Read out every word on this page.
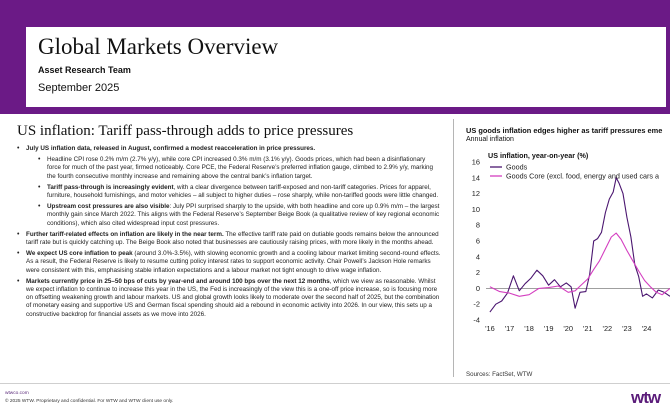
Global Markets Overview
Asset Research Team
September 2025
US inflation: Tariff pass-through adds to price pressures
• July US inflation data, released in August, confirmed a modest reacceleration in price pressures.
• Headline CPI rose 0.2% m/m (2.7% y/y), while core CPI increased 0.3% m/m (3.1% y/y). Goods prices, which had been a disinflationary force for much of the past year, firmed noticeably. Core PCE, the Federal Reserve’s preferred inflation gauge, climbed to 2.9% y/y, marking the fourth consecutive monthly increase and remaining above the central bank’s inflation target.
• Tariff pass-through is increasingly evident, with a clear divergence between tariff-exposed and non-tariff categories. Prices for apparel, furniture, household furnishings, and motor vehicles – all subject to higher duties – rose sharply, while non-tariffed goods were little changed.
• Upstream cost pressures are also visible: July PPI surprised sharply to the upside, with both headline and core up 0.9% m/m – the largest monthly gain since March 2022. This aligns with the Federal Reserve’s September Beige Book (a qualitative review of key regional economic conditions), which also cited widespread input cost pressures.
• Further tariff-related effects on inflation are likely in the near term. The effective tariff rate paid on dutiable goods remains below the announced tariff rate but is quickly catching up. The Beige Book also noted that businesses are cautiously raising prices, with more likely in the months ahead.
• We expect US core inflation to peak (around 3.0%-3.5%), with slowing economic growth and a cooling labour market limiting second-round effects. As a result, the Federal Reserve is likely to resume cutting policy interest rates to support economic activity. Chair Powell’s Jackson Hole remarks were consistent with this, emphasising stable inflation expectations and a labour market not tight enough to drive wage inflation.
• Markets currently price in 25–50 bps of cuts by year-end and around 100 bps over the next 12 months, which we view as reasonable. Whilst we expect inflation to continue to increase this year in the US, the Fed is increasingly of the view this is a one-off price increase, so is focusing more on offsetting weakening growth and labour markets. US and global growth looks likely to moderate over the second half of 2025, but the combination of monetary easing and supportive US and German fiscal spending should aid a rebound in economic activity into 2026. In our view, this sets up a constructive backdrop for financial assets as we move into 2026.
US goods inflation edges higher as tariff pressures eme
Annual inflation
-4
-2
0
2
4
6
8
10
12
14
16
'16 '17 '18 '19 '20 '21 '22 '23 '24
US inflation, year-on-year (%)
Goods
Goods Core (excl. food, energy and used cars a
Sources: FactSet, WTW
wtwco.com
© 2025 WTW. Proprietary and confidential. For WTW and WTW client use only.	wtw
